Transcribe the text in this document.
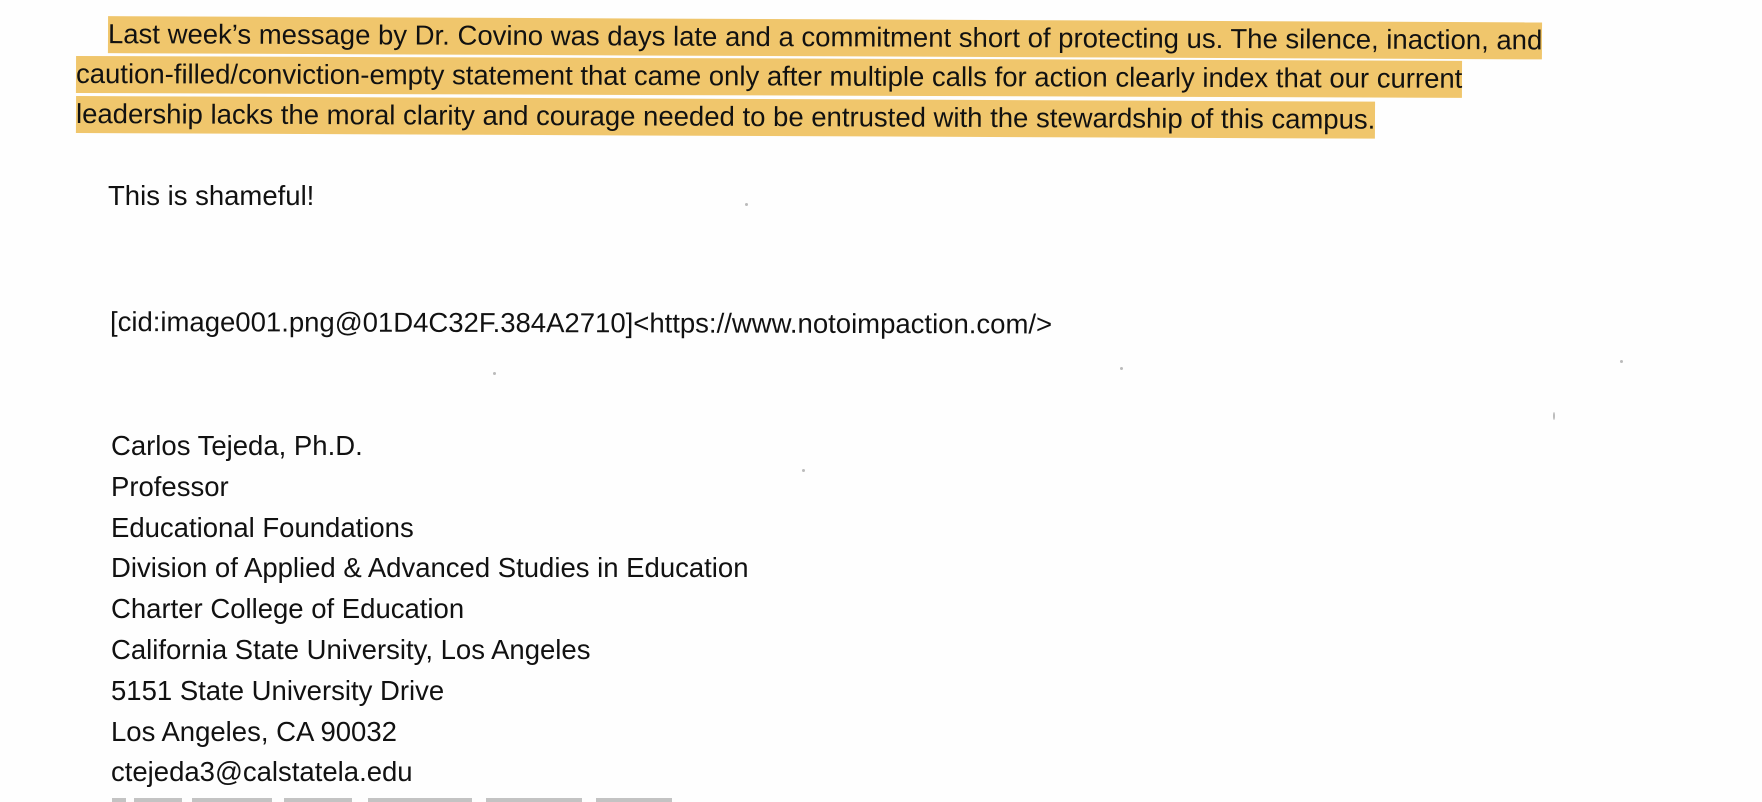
Last week’s message by Dr. Covino was days late and a commitment short of protecting us. The silence, inaction, and
caution-filled/conviction-empty statement that came only after multiple calls for action clearly index that our current
leadership lacks the moral clarity and courage needed to be entrusted with the stewardship of this campus.
This is shameful!
[cid:image001.png@01D4C32F.384A2710]<https://www.notoimpaction.com/>
Carlos Tejeda, Ph.D.
Professor
Educational Foundations
Division of Applied & Advanced Studies in Education
Charter College of Education
California State University, Los Angeles
5151 State University Drive
Los Angeles, CA 90032
ctejeda3@calstatela.edu
